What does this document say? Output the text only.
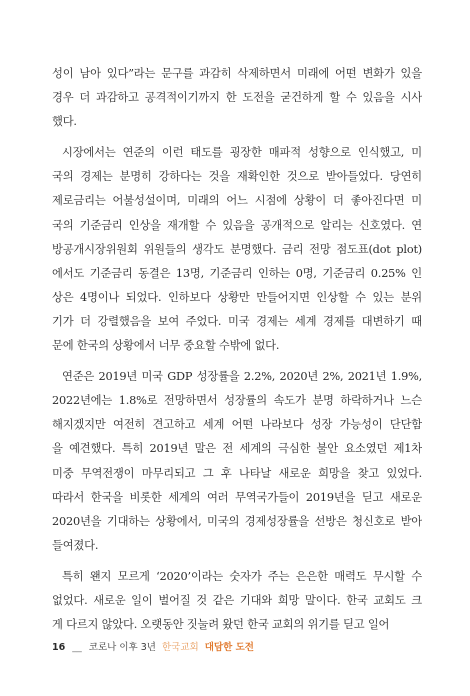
성이 남아 있다”라는 문구를 과감히 삭제하면서 미래에 어떤 변화가 있을
경우 더 과감하고 공격적이기까지 한 도전을 굳건하게 할 수 있음을 시사
했다.
시장에서는 연준의 이런 태도를 굉장한 매파적 성향으로 인식했고, 미
국의 경제는 분명히 강하다는 것을 재확인한 것으로 받아들었다. 당연히
제로금리는 어불성설이며, 미래의 어느 시점에 상황이 더 좋아진다면 미
국의 기준금리 인상을 재개할 수 있음을 공개적으로 알리는 신호였다. 연
방공개시장위원회 위원들의 생각도 분명했다. 금리 전망 점도표(dot plot)
에서도 기준금리 동결은 13명, 기준금리 인하는 0명, 기준금리 0.25% 인
상은 4명이나 되었다. 인하보다 상황만 만들어지면 인상할 수 있는 분위
기가 더 강렬했음을 보여 주었다. 미국 경제는 세계 경제를 대변하기 때
문에 한국의 상황에서 너무 중요할 수밖에 없다.
연준은 2019년 미국 GDP 성장률을 2.2%, 2020년 2%, 2021년 1.9%,
2022년에는 1.8%로 전망하면서 성장률의 속도가 분명 하락하거나 느슨
해지겠지만 여전히 견고하고 세계 어떤 나라보다 성장 가능성이 단단함
을 예견했다. 특히 2019년 말은 전 세계의 극심한 불안 요소였던 제1차
미중 무역전쟁이 마무리되고 그 후 나타날 새로운 희망을 찾고 있었다.
따라서 한국을 비롯한 세계의 여러 무역국가들이 2019년을 딛고 새로운
2020년을 기대하는 상황에서, 미국의 경제성장률을 선방은 청신호로 받아
들여졌다.
특히 왠지 모르게 ‘2020’이라는 숫자가 주는 은은한 매력도 무시할 수
없었다. 새로운 일이 벌어질 것 같은 기대와 희망 말이다. 한국 교회도 크
게 다르지 않았다. 오랫동안 짓눌려 왔던 한국 교회의 위기를 딛고 일어
16 __ 코로나 이후 3년 한국교회 대담한 도전
